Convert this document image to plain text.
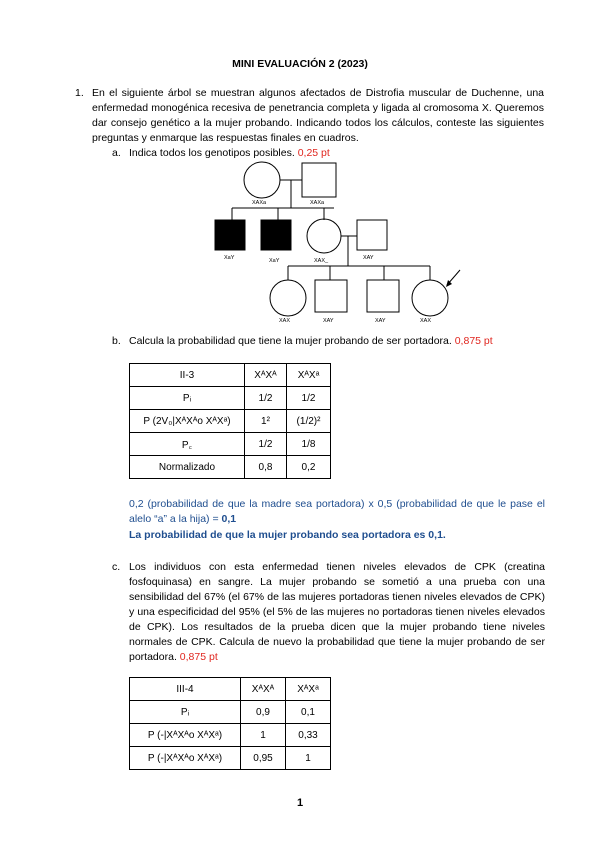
MINI EVALUACIÓN 2 (2023)
1. En el siguiente árbol se muestran algunos afectados de Distrofia muscular de Duchenne, una enfermedad monogénica recesiva de penetrancia completa y ligada al cromosoma X. Queremos dar consejo genético a la mujer probando. Indicando todos los cálculos, conteste las siguientes preguntas y enmarque las respuestas finales en cuadros.
a. Indica todos los genotipos posibles. 0,25 pt
XAXa	XAXa
XaY	XaY	XAX_	XAY
XAX	XAY	XAY	XAX
b. Calcula la probabilidad que tiene la mujer probando de ser portadora. 0,875 pt
II-3	XᴬXᴬ	XᴬXᵃ
Pᵢ	1/2	1/2
P (2V₀|XᴬXᴬo XᴬXᵃ)	1²	(1/2)²
P꜀	1/2	1/8
Normalizado	0,8	0,2
0,2 (probabilidad de que la madre sea portadora) x 0,5 (probabilidad de que le pase el alelo “a” a la hija) = 0,1
La probabilidad de que la mujer probando sea portadora es 0,1.
c. Los individuos con esta enfermedad tienen niveles elevados de CPK (creatina fosfoquinasa) en sangre. La mujer probando se sometió a una prueba con una sensibilidad del 67% (el 67% de las mujeres portadoras tienen niveles elevados de CPK) y una especificidad del 95% (el 5% de las mujeres no portadoras tienen niveles elevados de CPK). Los resultados de la prueba dicen que la mujer probando tiene niveles normales de CPK. Calcula de nuevo la probabilidad que tiene la mujer probando de ser portadora. 0,875 pt
III-4	XᴬXᴬ	XᴬXᵃ
Pᵢ	0,9	0,1
P (-|XᴬXᴬo XᴬXᵃ)	1	0,33
P (-|XᴬXᴬo XᴬXᵃ)	0,95	1
1
